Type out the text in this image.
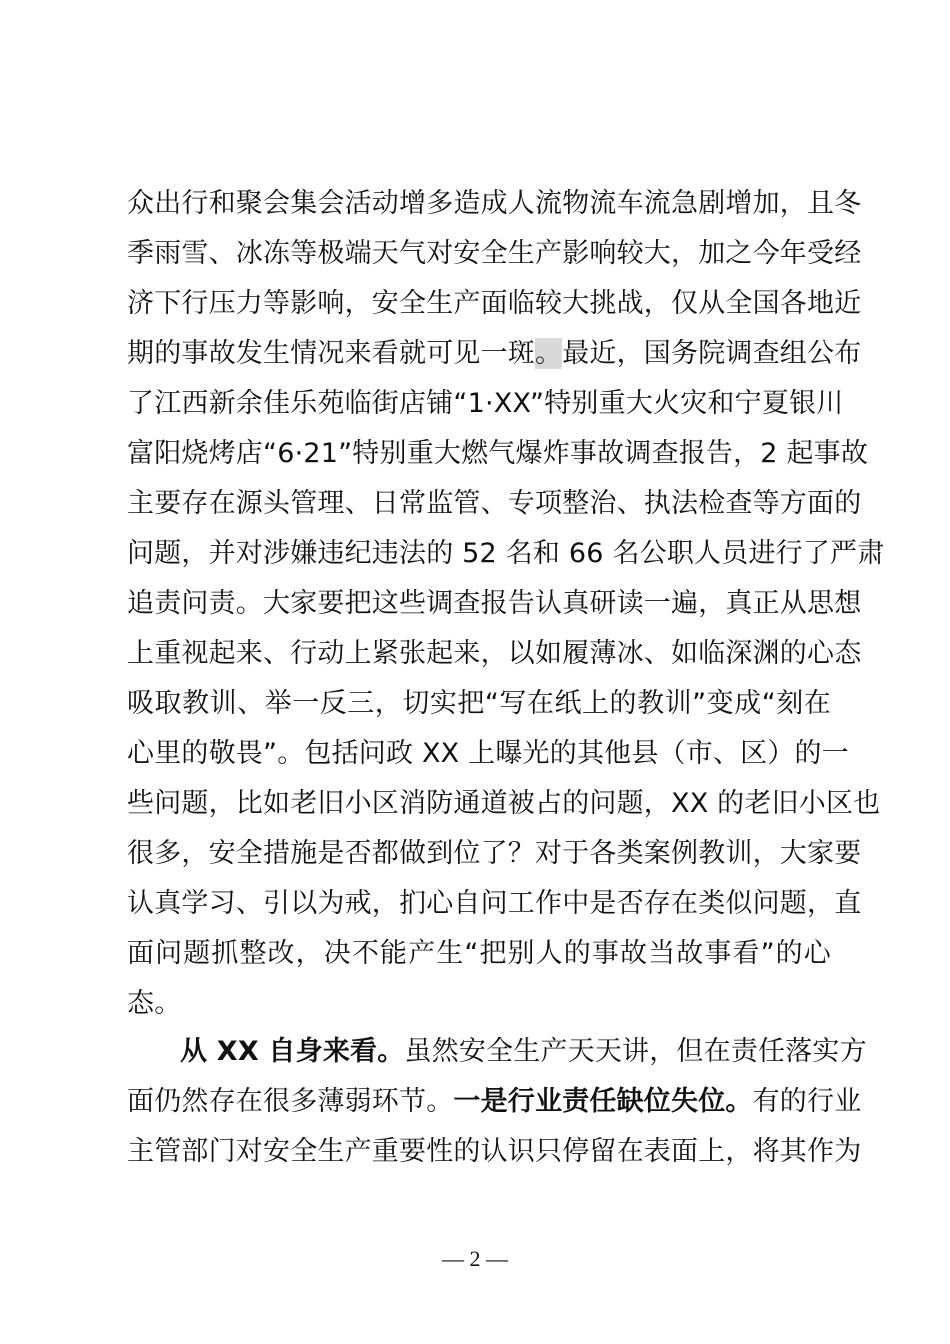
众出行和聚会集会活动增多造成人流物流车流急剧增加，且冬
季雨雪、冰冻等极端天气对安全生产影响较大，加之今年受经
济下行压力等影响，安全生产面临较大挑战，仅从全国各地近
期的事故发生情况来看就可见一斑。最近，国务院调查组公布
了江西新余佳乐苑临街店铺“1·XX”特别重大火灾和宁夏银川
富阳烧烤店“6·21”特别重大燃气爆炸事故调查报告，2 起事故
主要存在源头管理、日常监管、专项整治、执法检查等方面的
问题，并对涉嫌违纪违法的 52 名和 66 名公职人员进行了严肃
追责问责。大家要把这些调查报告认真研读一遍，真正从思想
上重视起来、行动上紧张起来，以如履薄冰、如临深渊的心态
吸取教训、举一反三，切实把“写在纸上的教训”变成“刻在
心里的敬畏”。包括问政 XX 上曝光的其他县（市、区）的一
些问题，比如老旧小区消防通道被占的问题，XX 的老旧小区也
很多，安全措施是否都做到位了？对于各类案例教训，大家要
认真学习、引以为戒，扪心自问工作中是否存在类似问题，直
面问题抓整改，决不能产生“把别人的事故当故事看”的心
态。
从 XX 自身来看。虽然安全生产天天讲，但在责任落实方
面仍然存在很多薄弱环节。一是行业责任缺位失位。有的行业
主管部门对安全生产重要性的认识只停留在表面上，将其作为
— 2 —
